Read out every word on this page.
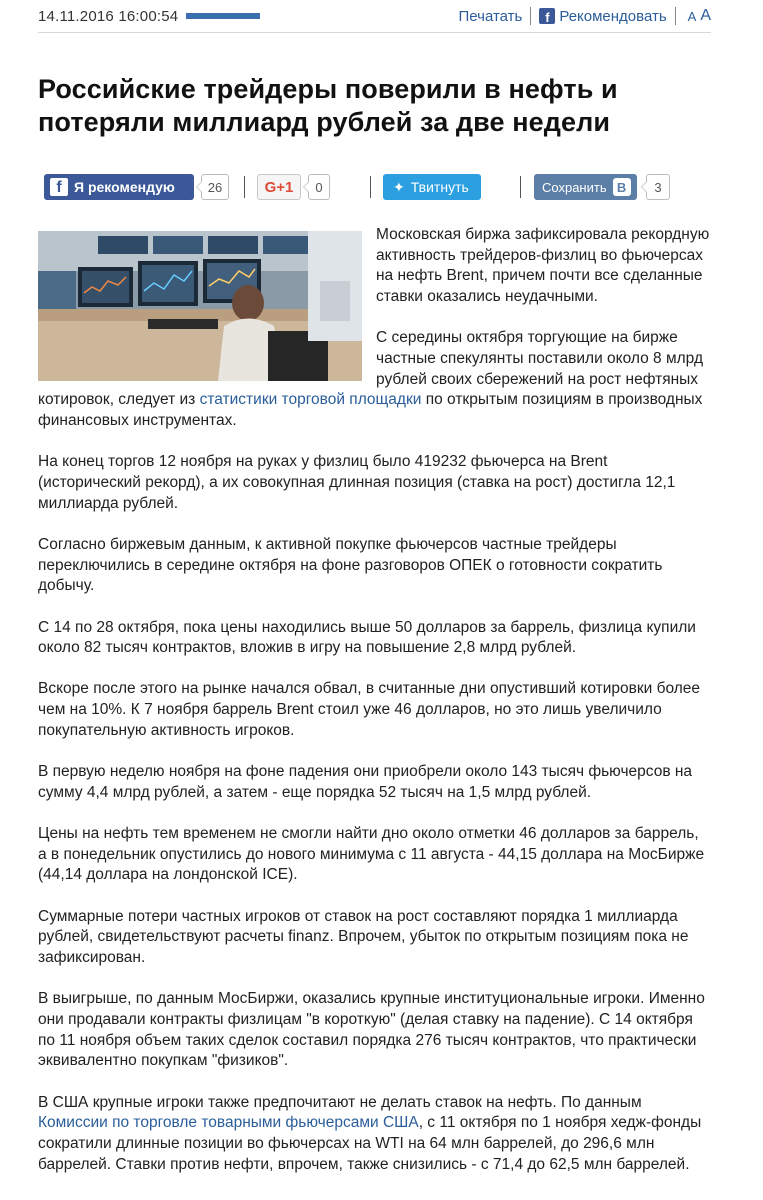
14.11.2016 16:00:54	Печатать	f Рекомендовать A A
Российские трейдеры поверили в нефть и потеряли миллиард рублей за две недели
f Я рекомендую	26	G+1	0	✦ Твитнуть	Сохранить В	3

Московская биржа зафиксировала рекордную активность трейдеров-физлиц во фьючерсах на нефть Brent, причем почти все сделанные ставки оказались неудачными.

С середины октября торгующие на бирже частные спекулянты поставили около 8 млрд рублей своих сбережений на рост нефтяных котировок, следует из статистики торговой площадки по открытым позициям в производных финансовых инструментах.

На конец торгов 12 ноября на руках у физлиц было 419232 фьючерса на Brent (исторический рекорд), а их совокупная длинная позиция (ставка на рост) достигла 12,1 миллиарда рублей.

Согласно биржевым данным, к активной покупке фьючерсов частные трейдеры переключились в середине октября на фоне разговоров ОПЕК о готовности сократить добычу.

С 14 по 28 октября, пока цены находились выше 50 долларов за баррель, физлица купили около 82 тысяч контрактов, вложив в игру на повышение 2,8 млрд рублей.

Вскоре после этого на рынке начался обвал, в считанные дни опустивший котировки более чем на 10%. К 7 ноября баррель Brent стоил уже 46 долларов, но это лишь увеличило покупательную активность игроков.

В первую неделю ноября на фоне падения они приобрели около 143 тысяч фьючерсов на сумму 4,4 млрд рублей, а затем - еще порядка 52 тысяч на 1,5 млрд рублей.

Цены на нефть тем временем не смогли найти дно около отметки 46 долларов за баррель, а в понедельник опустились до нового минимума с 11 августа - 44,15 доллара на МосБирже (44,14 доллара на лондонской ICE).

Суммарные потери частных игроков от ставок на рост составляют порядка 1 миллиарда рублей, свидетельствуют расчеты finanz. Впрочем, убыток по открытым позициям пока не зафиксирован.

В выигрыше, по данным МосБиржи, оказались крупные институциональные игроки. Именно они продавали контракты физлицам "в короткую" (делая ставку на падение). С 14 октября по 11 ноября объем таких сделок составил порядка 276 тысяч контрактов, что практически эквивалентно покупкам "физиков".

В США крупные игроки также предпочитают не делать ставок на нефть. По данным Комиссии по торговле товарными фьючерсами США, с 11 октября по 1 ноября хедж-фонды сократили длинные позиции во фьючерсах на WTI на 64 млн баррелей, до 296,6 млн баррелей. Ставки против нефти, впрочем, также снизились - с 71,4 до 62,5 млн баррелей.
